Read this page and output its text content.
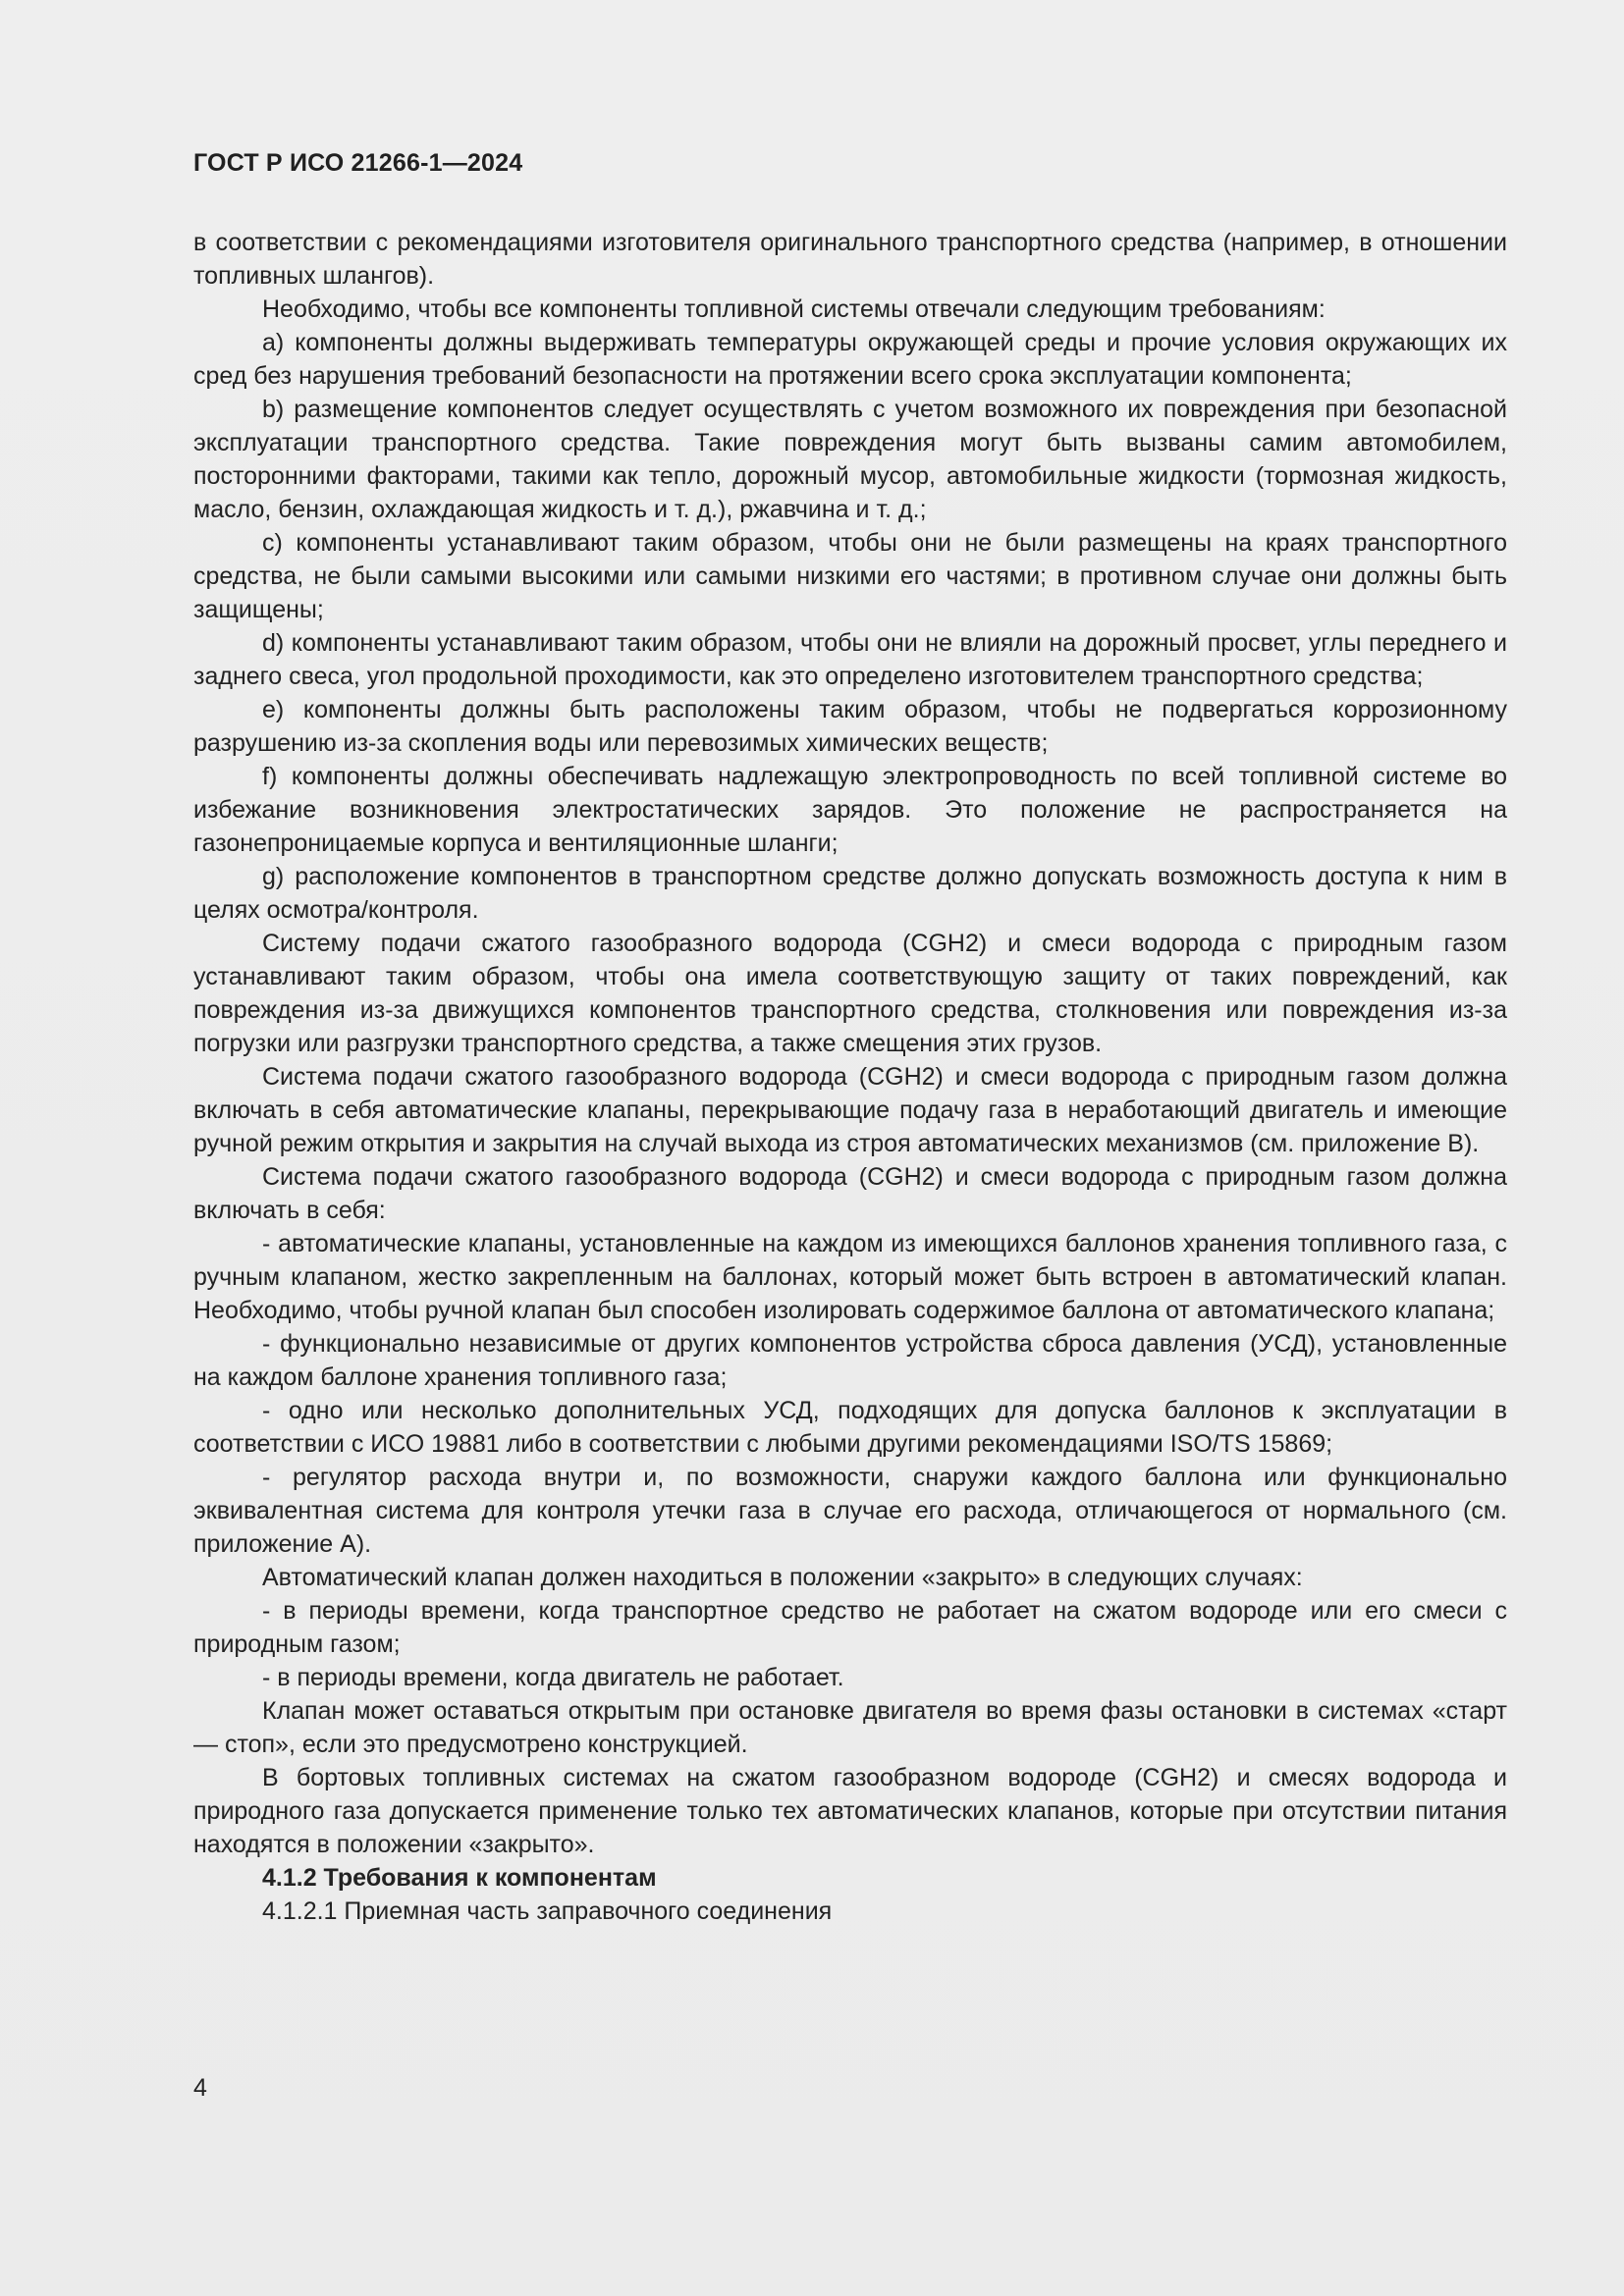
ГОСТ Р ИСО 21266-1—2024

в соответствии с рекомендациями изготовителя оригинального транспортного средства (например, в отношении топливных шлангов).

Необходимо, чтобы все компоненты топливной системы отвечали следующим требованиям:

a) компоненты должны выдерживать температуры окружающей среды и прочие условия окружающих их сред без нарушения требований безопасности на протяжении всего срока эксплуатации компонента;

b) размещение компонентов следует осуществлять с учетом возможного их повреждения при безопасной эксплуатации транспортного средства. Такие повреждения могут быть вызваны самим автомобилем, посторонними факторами, такими как тепло, дорожный мусор, автомобильные жидкости (тормозная жидкость, масло, бензин, охлаждающая жидкость и т. д.), ржавчина и т. д.;

c) компоненты устанавливают таким образом, чтобы они не были размещены на краях транспортного средства, не были самыми высокими или самыми низкими его частями; в противном случае они должны быть защищены;

d) компоненты устанавливают таким образом, чтобы они не влияли на дорожный просвет, углы переднего и заднего свеса, угол продольной проходимости, как это определено изготовителем транспортного средства;

e) компоненты должны быть расположены таким образом, чтобы не подвергаться коррозионному разрушению из-за скопления воды или перевозимых химических веществ;

f) компоненты должны обеспечивать надлежащую электропроводность по всей топливной системе во избежание возникновения электростатических зарядов. Это положение не распространяется на газонепроницаемые корпуса и вентиляционные шланги;

g) расположение компонентов в транспортном средстве должно допускать возможность доступа к ним в целях осмотра/контроля.

Систему подачи сжатого газообразного водорода (CGH2) и смеси водорода с природным газом устанавливают таким образом, чтобы она имела соответствующую защиту от таких повреждений, как повреждения из-за движущихся компонентов транспортного средства, столкновения или повреждения из-за погрузки или разгрузки транспортного средства, а также смещения этих грузов.

Система подачи сжатого газообразного водорода (CGH2) и смеси водорода с природным газом должна включать в себя автоматические клапаны, перекрывающие подачу газа в неработающий двигатель и имеющие ручной режим открытия и закрытия на случай выхода из строя автоматических механизмов (см. приложение B).

Система подачи сжатого газообразного водорода (CGH2) и смеси водорода с природным газом должна включать в себя:

- автоматические клапаны, установленные на каждом из имеющихся баллонов хранения топливного газа, с ручным клапаном, жестко закрепленным на баллонах, который может быть встроен в автоматический клапан. Необходимо, чтобы ручной клапан был способен изолировать содержимое баллона от автоматического клапана;

- функционально независимые от других компонентов устройства сброса давления (УСД), установленные на каждом баллоне хранения топливного газа;

- одно или несколько дополнительных УСД, подходящих для допуска баллонов к эксплуатации в соответствии с ИСО 19881 либо в соответствии с любыми другими рекомендациями ISO/TS 15869;

- регулятор расхода внутри и, по возможности, снаружи каждого баллона или функционально эквивалентная система для контроля утечки газа в случае его расхода, отличающегося от нормального (см. приложение А).

Автоматический клапан должен находиться в положении «закрыто» в следующих случаях:

- в периоды времени, когда транспортное средство не работает на сжатом водороде или его смеси с природным газом;

- в периоды времени, когда двигатель не работает.

Клапан может оставаться открытым при остановке двигателя во время фазы остановки в системах «старт — стоп», если это предусмотрено конструкцией.

В бортовых топливных системах на сжатом газообразном водороде (CGH2) и смесях водорода и природного газа допускается применение только тех автоматических клапанов, которые при отсутствии питания находятся в положении «закрыто».

4.1.2 Требования к компонентам

4.1.2.1 Приемная часть заправочного соединения

4
